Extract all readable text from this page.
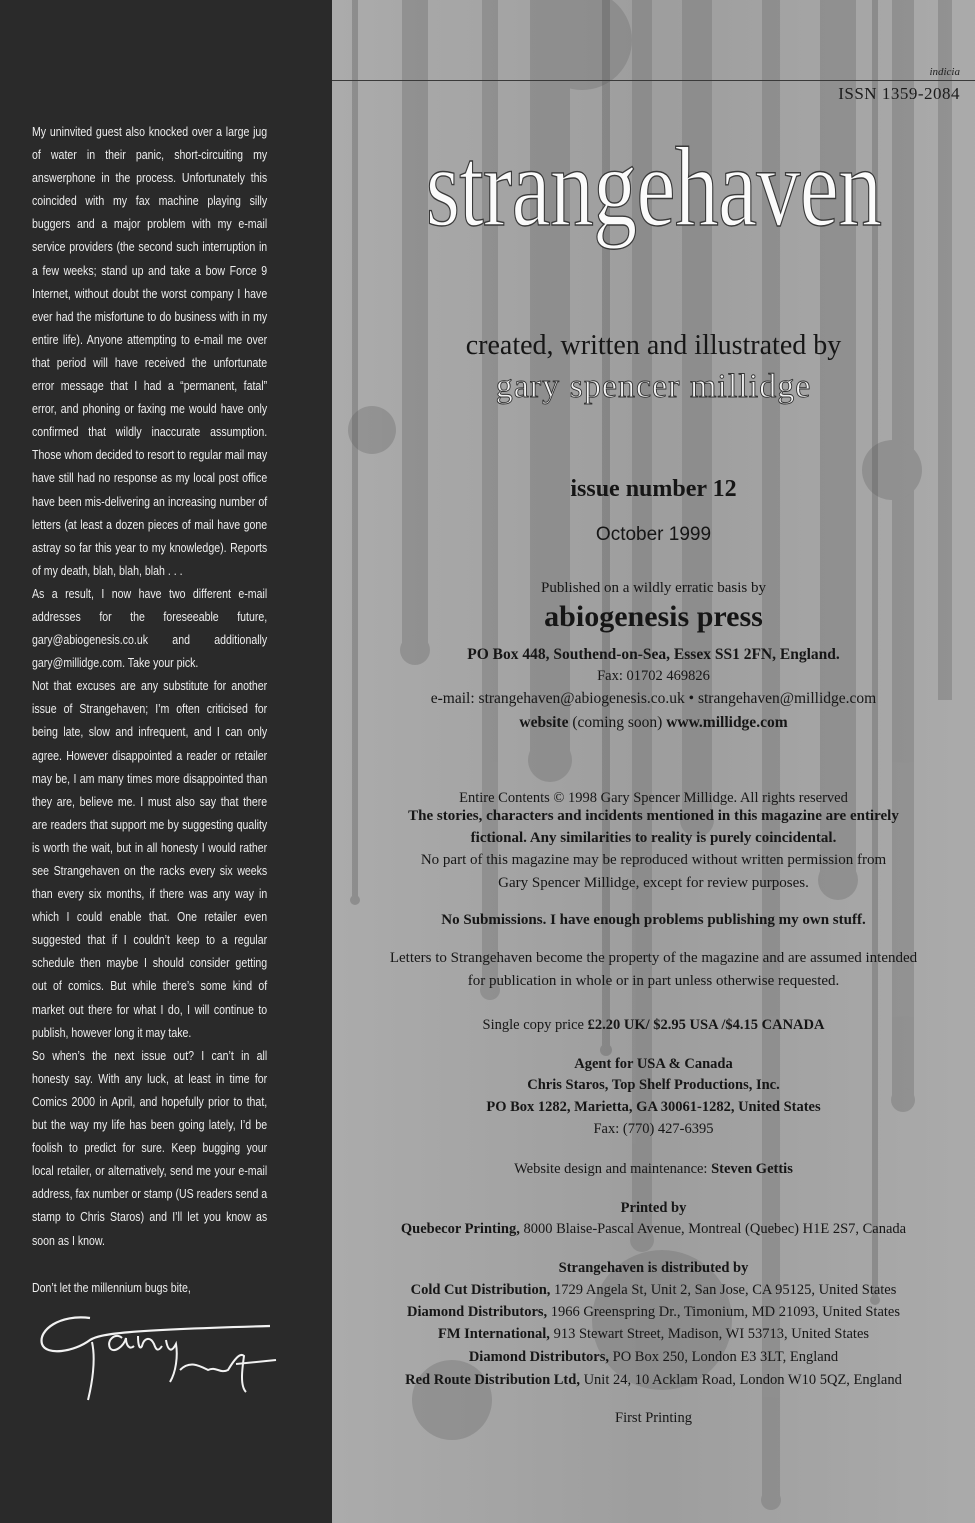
My uninvited guest also knocked over a large jug of water in their panic, short-circuiting my answerphone in the process. Unfortunately this coincided with my fax machine playing silly buggers and a major problem with my e-mail service providers (the second such interruption in a few weeks; stand up and take a bow Force 9 Internet, without doubt the worst company I have ever had the misfortune to do business with in my entire life). Anyone attempting to e-mail me over that period will have received the unfortunate error message that I had a “permanent, fatal” error, and phoning or faxing me would have only confirmed that wildly inaccurate assumption. Those whom decided to resort to regular mail may have still had no response as my local post office have been mis-delivering an increasing number of letters (at least a dozen pieces of mail have gone astray so far this year to my knowledge). Reports of my death, blah, blah, blah . . .

As a result, I now have two different e-mail addresses for the foreseeable future, gary@abiogenesis.co.uk and additionally gary@millidge.com. Take your pick.

Not that excuses are any substitute for another issue of Strangehaven; I’m often criticised for being late, slow and infrequent, and I can only agree. However disappointed a reader or retailer may be, I am many times more disappointed than they are, believe me. I must also say that there are readers that support me by suggesting quality is worth the wait, but in all honesty I would rather see Strangehaven on the racks every six weeks than every six months, if there was any way in which I could enable that. One retailer even suggested that if I couldn’t keep to a regular schedule then maybe I should consider getting out of comics. But while there’s some kind of market out there for what I do, I will continue to publish, however long it may take.

So when’s the next issue out? I can’t in all honesty say. With any luck, at least in time for Comics 2000 in April, and hopefully prior to that, but the way my life has been going lately, I’d be foolish to predict for sure. Keep bugging your local retailer, or alternatively, send me your e-mail address, fax number or stamp (US readers send a stamp to Chris Staros) and I’ll let you know as soon as I know.

Don’t let the millennium bugs bite,

indicia
ISSN 1359-2084
strangehaven
created, written and illustrated by
gary spencer millidge
issue number 12
October 1999
Published on a wildly erratic basis by
abiogenesis press
PO Box 448, Southend-on-Sea, Essex SS1 2FN, England.
Fax: 01702 469826
e-mail: strangehaven@abiogenesis.co.uk • strangehaven@millidge.com
website (coming soon) www.millidge.com
Entire Contents © 1998 Gary Spencer Millidge. All rights reserved
The stories, characters and incidents mentioned in this magazine are entirely
fictional. Any similarities to reality is purely coincidental.
No part of this magazine may be reproduced without written permission from
Gary Spencer Millidge, except for review purposes.
No Submissions. I have enough problems publishing my own stuff.
Letters to Strangehaven become the property of the magazine and are assumed intended
for publication in whole or in part unless otherwise requested.
Single copy price £2.20 UK/ $2.95 USA /$4.15 CANADA
Agent for USA & Canada
Chris Staros, Top Shelf Productions, Inc.
PO Box 1282, Marietta, GA 30061-1282, United States
Fax: (770) 427-6395
Website design and maintenance: Steven Gettis
Printed by
Quebecor Printing, 8000 Blaise-Pascal Avenue, Montreal (Quebec) H1E 2S7, Canada
Strangehaven is distributed by
Cold Cut Distribution, 1729 Angela St, Unit 2, San Jose, CA 95125, United States
Diamond Distributors, 1966 Greenspring Dr., Timonium, MD 21093, United States
FM International, 913 Stewart Street, Madison, WI 53713, United States
Diamond Distributors, PO Box 250, London E3 3LT, England
Red Route Distribution Ltd, Unit 24, 10 Acklam Road, London W10 5QZ, England
First Printing
